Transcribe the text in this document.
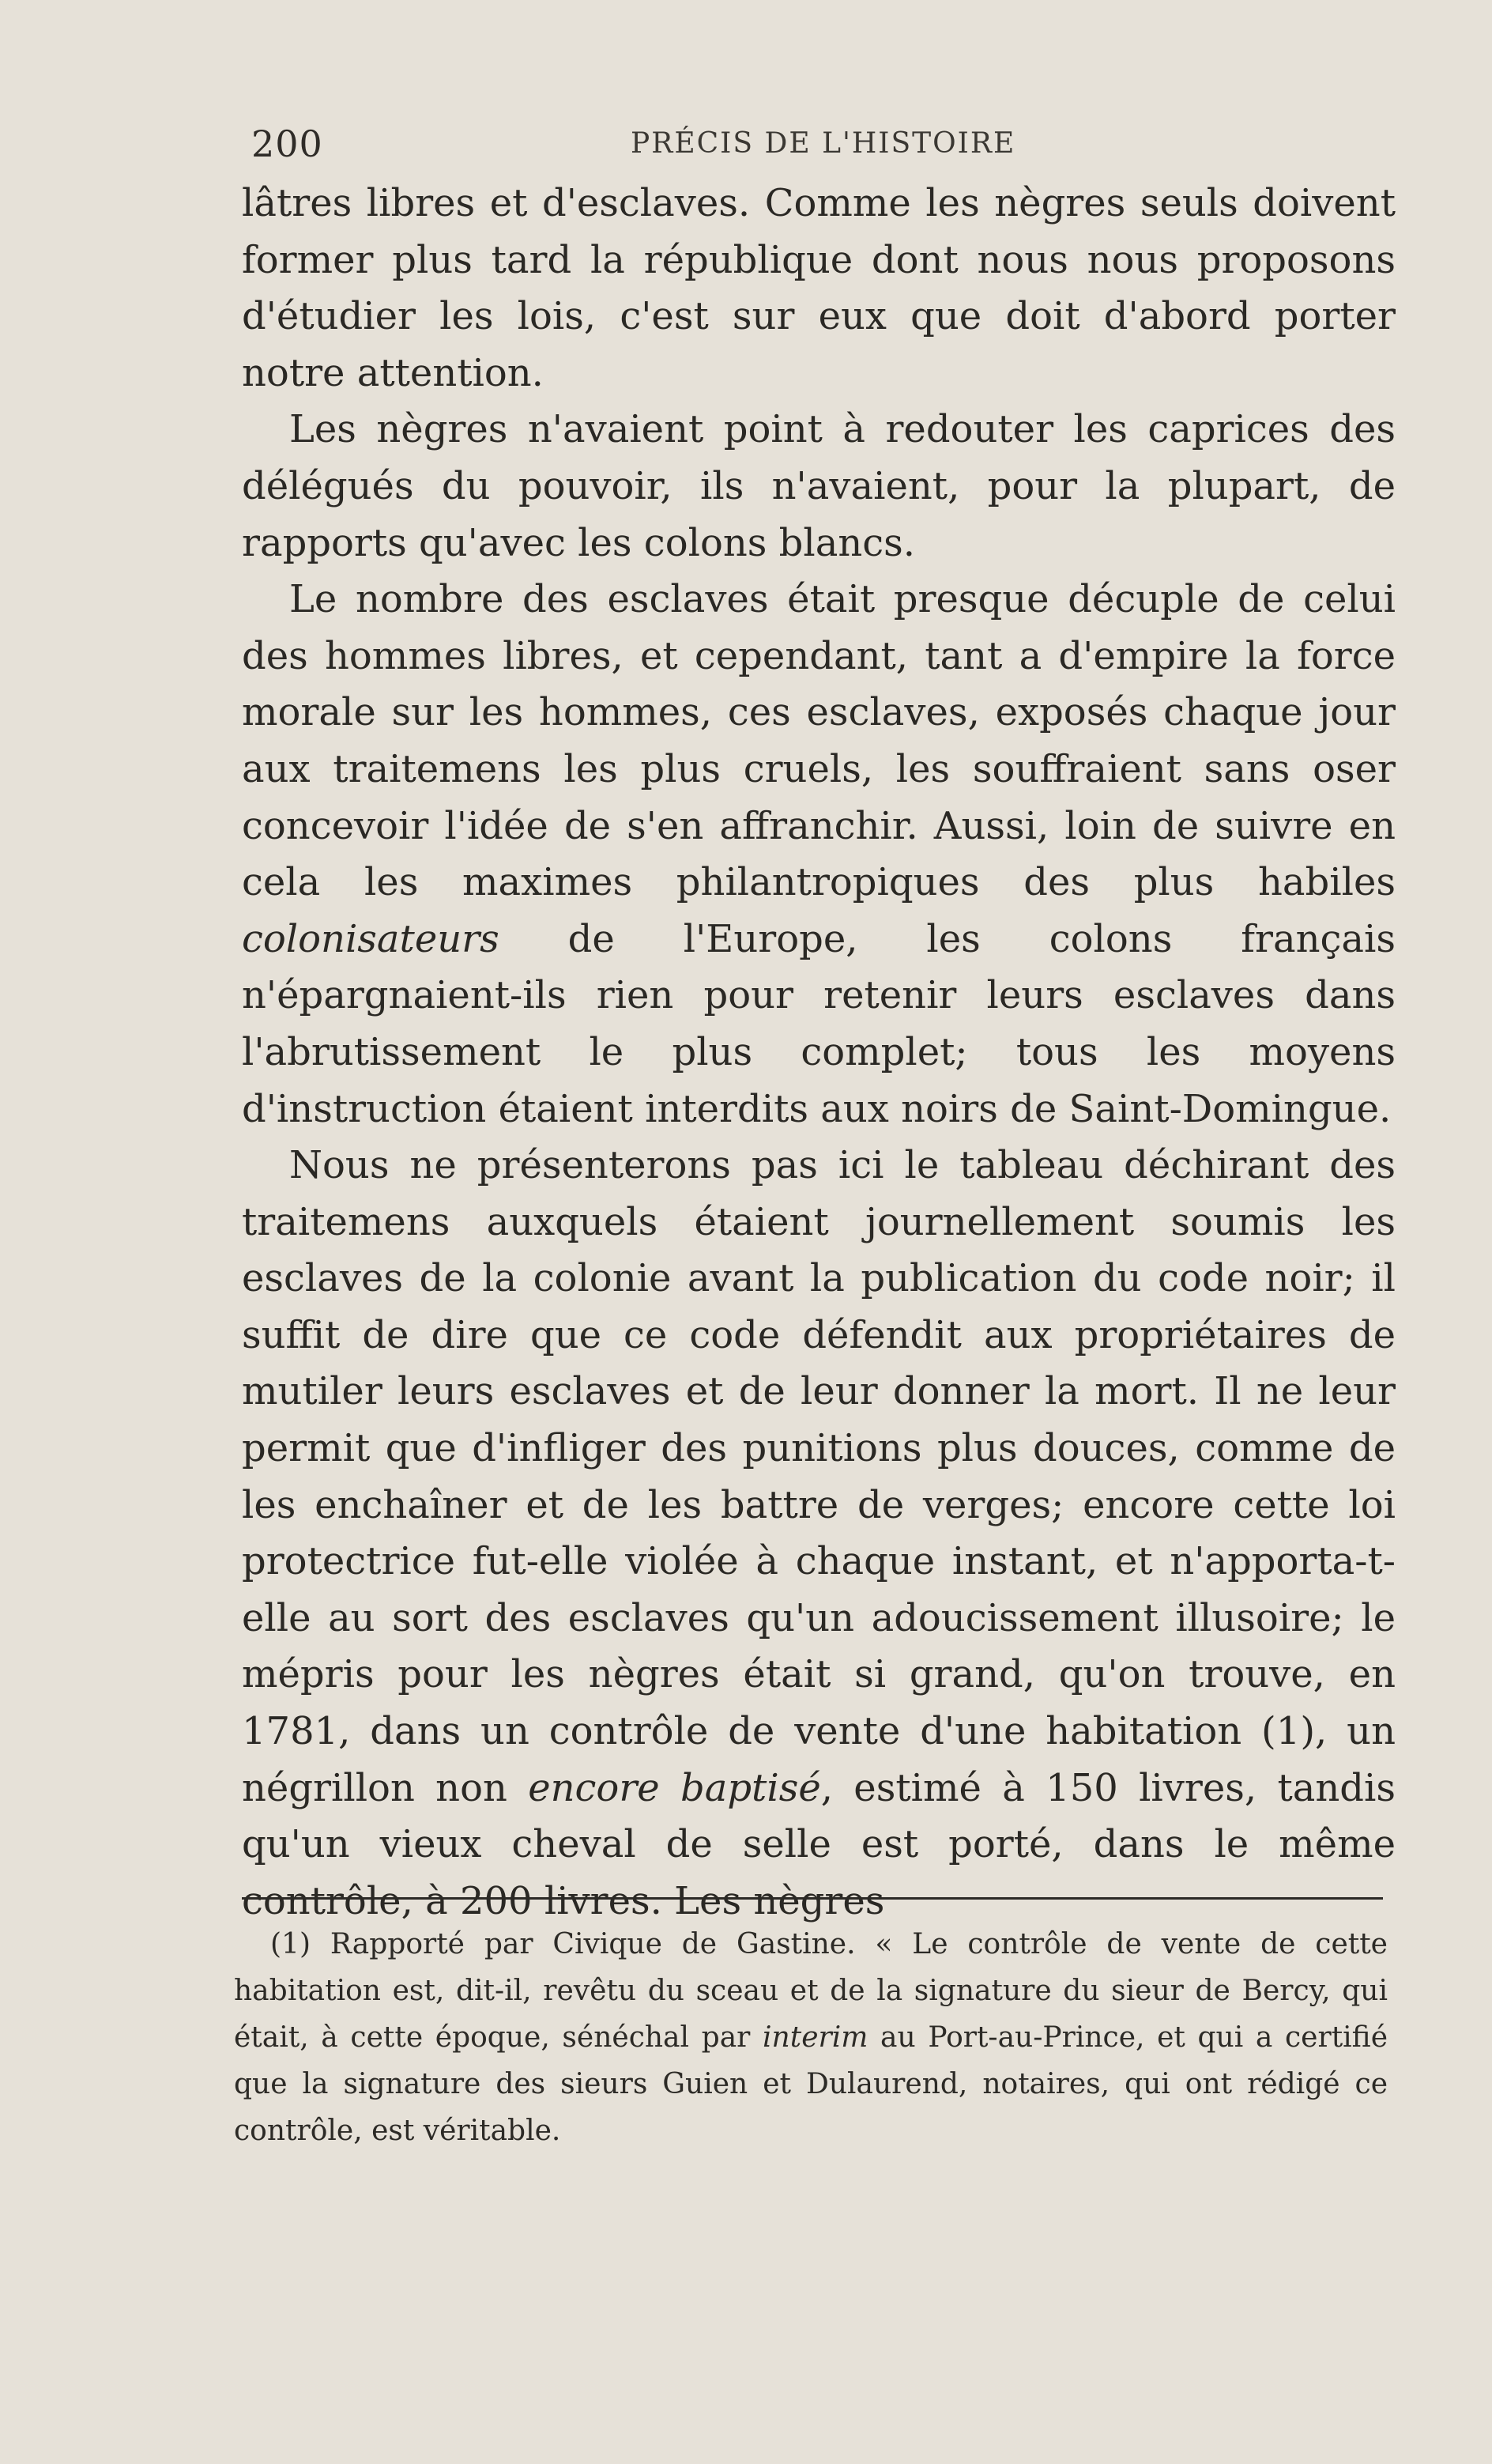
200	PRÉCIS DE L'HISTOIRE

lâtres libres et d'esclaves. Comme les nègres seuls doivent former plus tard la république dont nous nous proposons d'étudier les lois, c'est sur eux que doit d'abord porter notre attention.

Les nègres n'avaient point à redouter les caprices des délégués du pouvoir, ils n'avaient, pour la plupart, de rapports qu'avec les colons blancs.

Le nombre des esclaves était presque décuple de celui des hommes libres, et cependant, tant a d'empire la force morale sur les hommes, ces esclaves, exposés chaque jour aux traitemens les plus cruels, les souffraient sans oser concevoir l'idée de s'en affranchir. Aussi, loin de suivre en cela les maximes philantropiques des plus habiles colonisateurs de l'Europe, les colons français n'épargnaient-ils rien pour retenir leurs esclaves dans l'abrutissement le plus complet; tous les moyens d'instruction étaient interdits aux noirs de Saint-Domingue.

Nous ne présenterons pas ici le tableau déchirant des traitemens auxquels étaient journellement soumis les esclaves de la colonie avant la publication du code noir; il suffit de dire que ce code défendit aux propriétaires de mutiler leurs esclaves et de leur donner la mort. Il ne leur permit que d'infliger des punitions plus douces, comme de les enchaîner et de les battre de verges; encore cette loi protectrice fut-elle violée à chaque instant, et n'apporta-t-elle au sort des esclaves qu'un adoucissement illusoire; le mépris pour les nègres était si grand, qu'on trouve, en 1781, dans un contrôle de vente d'une habitation (1), un négrillon non encore baptisé, estimé à 150 livres, tandis qu'un vieux cheval de selle est porté, dans le même contrôle, à 200 livres. Les nègres

(1) Rapporté par Civique de Gastine. « Le contrôle de vente de cette habitation est, dit-il, revêtu du sceau et de la signature du sieur de Bercy, qui était, à cette époque, sénéchal par interim au Port-au-Prince, et qui a certifié que la signature des sieurs Guien et Dulaurend, notaires, qui ont rédigé ce contrôle, est véritable.
